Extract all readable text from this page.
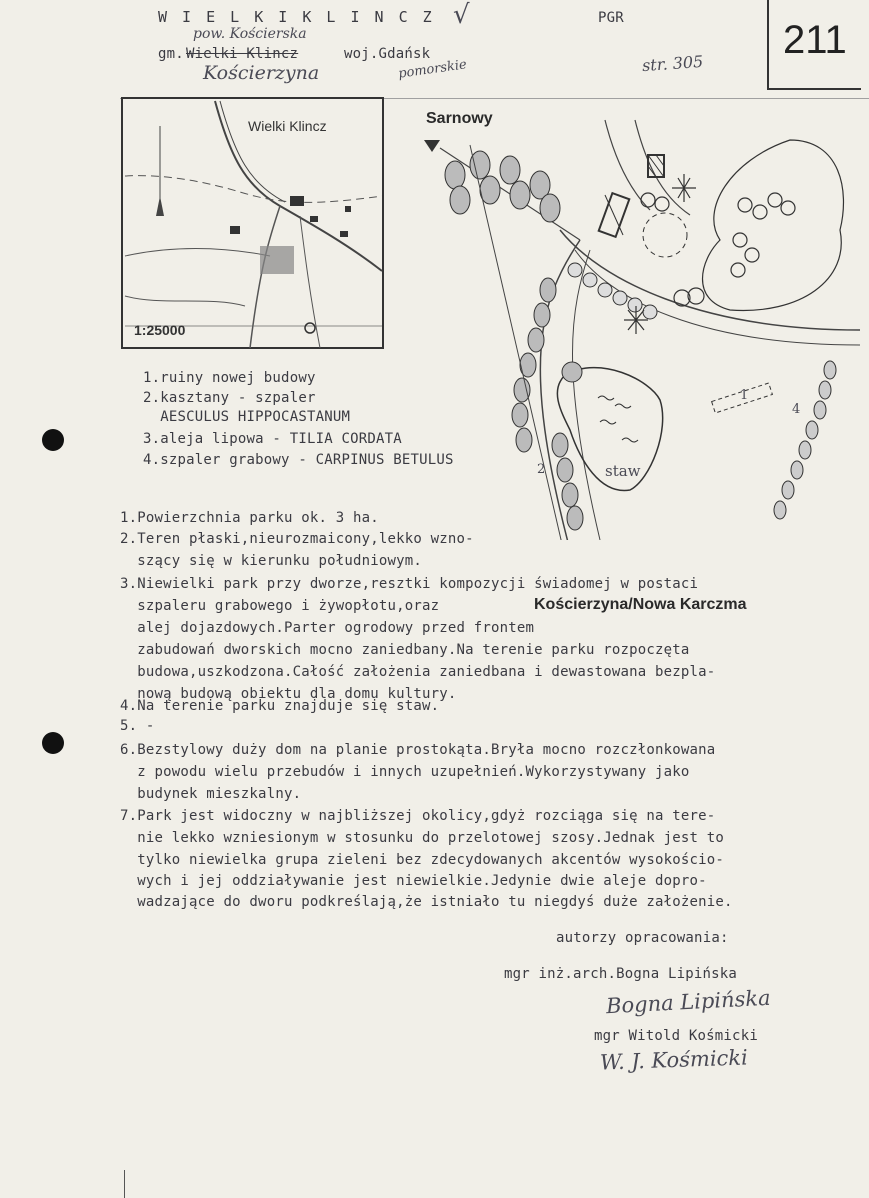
W I E L K I K L I N C Z √	PGR
pow. Kościerska
gm. Wielki Klincz	woj.Gdańsk
Kościerzyna	pomorskie	str. 305
211
Wielki Klincz
1:25000
Sarnowy
staw
1
2
4
1.ruiny nowej budowy
2.kasztany - szpaler
AESCULUS HIPPOCASTANUM
3.aleja lipowa - TILIA CORDATA
4.szpaler grabowy - CARPINUS BETULUS
1.Powierzchnia parku ok. 3 ha.
2.Teren płaski,nieurozmaicony,lekko wzno-
szący się w kierunku południowym.
3.Niewielki park przy dworze,resztki kompozycji świadomej w postaci
szpaleru grabowego i żywopłotu,oraz
alej dojazdowych.Parter ogrodowy przed frontem
zabudowań dworskich mocno zaniedbany.Na terenie parku rozpoczęta
budowa,uszkodzona.Całość założenia zaniedbana i dewastowana bezpla-
nową budową obiektu dla domu kultury.
4.Na terenie parku znajduje się staw.
5. -
6.Bezstylowy duży dom na planie prostokąta.Bryła mocno rozczłonkowana
z powodu wielu przebudów i innych uzupełnień.Wykorzystywany jako
budynek mieszkalny.
7.Park jest widoczny w najbliższej okolicy,gdyż rozciąga się na tere-
nie lekko wzniesionym w stosunku do przelotowej szosy.Jednak jest to
tylko niewielka grupa zieleni bez zdecydowanych akcentów wysokościo-
wych i jej oddziaływanie jest niewielkie.Jedynie dwie aleje dopro-
wadzające do dworu podkreślają,że istniało tu niegdyś duże założenie.
Kościerzyna/Nowa Karczma
autorzy opracowania:
mgr inż.arch.Bogna Lipińska
Bogna Lipińska
mgr Witold Kośmicki
W. J. Kośmicki
